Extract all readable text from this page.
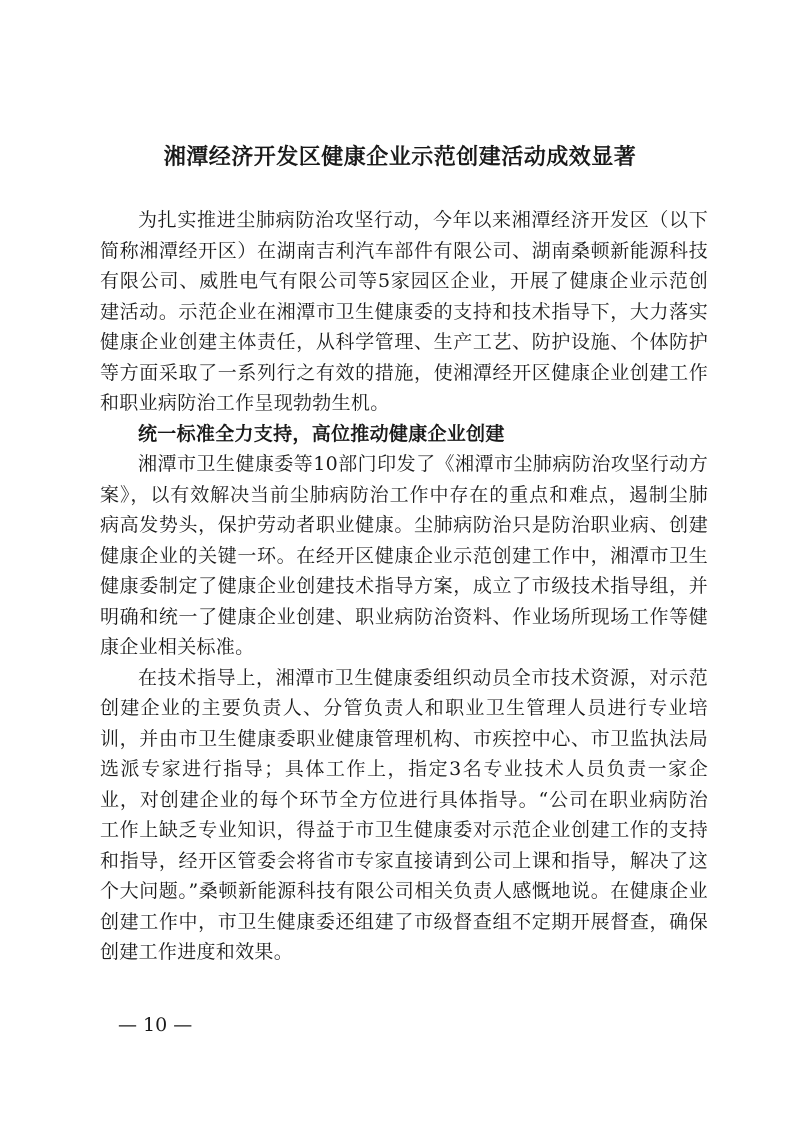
湘潭经济开发区健康企业示范创建活动成效显著

为扎实推进尘肺病防治攻坚行动，今年以来湘潭经济开发区（以下简称湘潭经开区）在湖南吉利汽车部件有限公司、湖南桑顿新能源科技有限公司、威胜电气有限公司等5家园区企业，开展了健康企业示范创建活动。示范企业在湘潭市卫生健康委的支持和技术指导下，大力落实健康企业创建主体责任，从科学管理、生产工艺、防护设施、个体防护等方面采取了一系列行之有效的措施，使湘潭经开区健康企业创建工作和职业病防治工作呈现勃勃生机。

统一标准全力支持，高位推动健康企业创建

湘潭市卫生健康委等10部门印发了《湘潭市尘肺病防治攻坚行动方案》，以有效解决当前尘肺病防治工作中存在的重点和难点，遏制尘肺病高发势头，保护劳动者职业健康。尘肺病防治只是防治职业病、创建健康企业的关键一环。在经开区健康企业示范创建工作中，湘潭市卫生健康委制定了健康企业创建技术指导方案，成立了市级技术指导组，并明确和统一了健康企业创建、职业病防治资料、作业场所现场工作等健康企业相关标准。

在技术指导上，湘潭市卫生健康委组织动员全市技术资源，对示范创建企业的主要负责人、分管负责人和职业卫生管理人员进行专业培训，并由市卫生健康委职业健康管理机构、市疾控中心、市卫监执法局选派专家进行指导；具体工作上，指定3名专业技术人员负责一家企业，对创建企业的每个环节全方位进行具体指导。“公司在职业病防治工作上缺乏专业知识，得益于市卫生健康委对示范企业创建工作的支持和指导，经开区管委会将省市专家直接请到公司上课和指导，解决了这个大问题。”桑顿新能源科技有限公司相关负责人感慨地说。在健康企业创建工作中，市卫生健康委还组建了市级督查组不定期开展督查，确保创建工作进度和效果。

— 10 —
